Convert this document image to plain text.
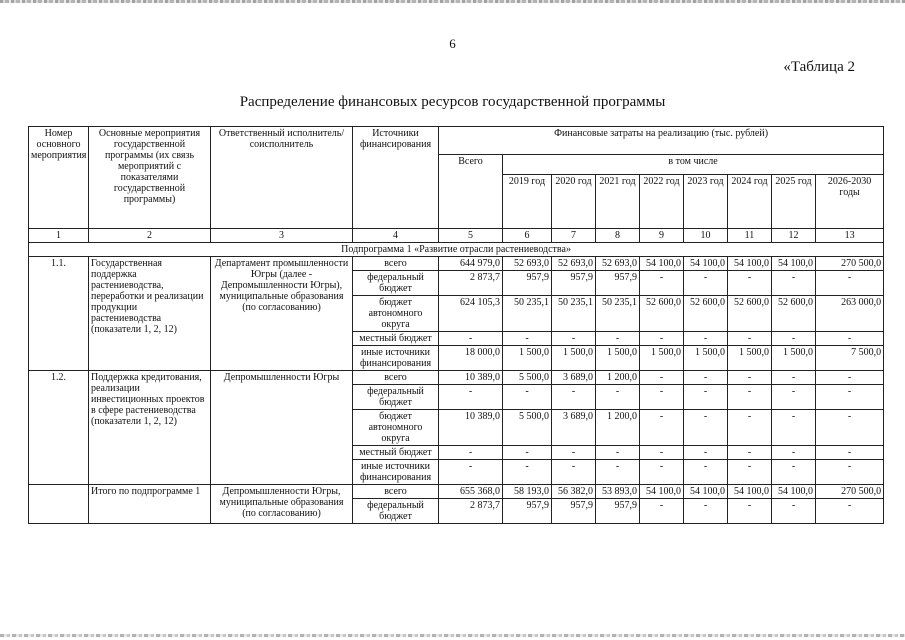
6
«Таблица 2
Распределение финансовых ресурсов государственной программы
Номер основного мероприятия	Основные мероприятия государственной программы (их связь мероприятий с показателями государственной программы)	Ответственный исполнитель/соисполнитель	Источники финансирования	Финансовые затраты на реализацию (тыс. рублей)								
				Всего	в том числе							
					2019 год	2020 год	2021 год	2022 год	2023 год	2024 год	2025 год	2026-2030 годы
1	2	3	4	5	6	7	8	9	10	11	12	13
Подпрограмма 1 «Развитие отрасли растениеводства»												
1.1.	Государственная поддержка растениеводства, переработки и реализации продукции растениеводства (показатели 1, 2, 12)	Департамент промышленности Югры (далее - Депромышленности Югры), муниципальные образования (по согласованию)	всего	644 979,0	52 693,0	52 693,0	52 693,0	54 100,0	54 100,0	54 100,0	54 100,0	270 500,0
			федеральный бюджет	2 873,7	957,9	957,9	957,9	-	-	-	-	-
			бюджет автономного округа	624 105,3	50 235,1	50 235,1	50 235,1	52 600,0	52 600,0	52 600,0	52 600,0	263 000,0
			местный бюджет	-	-	-	-	-	-	-	-	-
			иные источники финансирования	18 000,0	1 500,0	1 500,0	1 500,0	1 500,0	1 500,0	1 500,0	1 500,0	7 500,0
1.2.	Поддержка кредитования, реализации инвестиционных проектов в сфере растениеводства (показатели 1, 2, 12)	Депромышленности Югры	всего	10 389,0	5 500,0	3 689,0	1 200,0	-	-	-	-	-
			федеральный бюджет	-	-	-	-	-	-	-	-	-
			бюджет автономного округа	10 389,0	5 500,0	3 689,0	1 200,0	-	-	-	-	-
			местный бюджет	-	-	-	-	-	-	-	-	-
			иные источники финансирования	-	-	-	-	-	-	-	-	-
	Итого по подпрограмме 1	Депромышленности Югры, муниципальные образования (по согласованию)	всего	655 368,0	58 193,0	56 382,0	53 893,0	54 100,0	54 100,0	54 100,0	54 100,0	270 500,0
			федеральный бюджет	2 873,7	957,9	957,9	957,9	-	-	-	-	-
